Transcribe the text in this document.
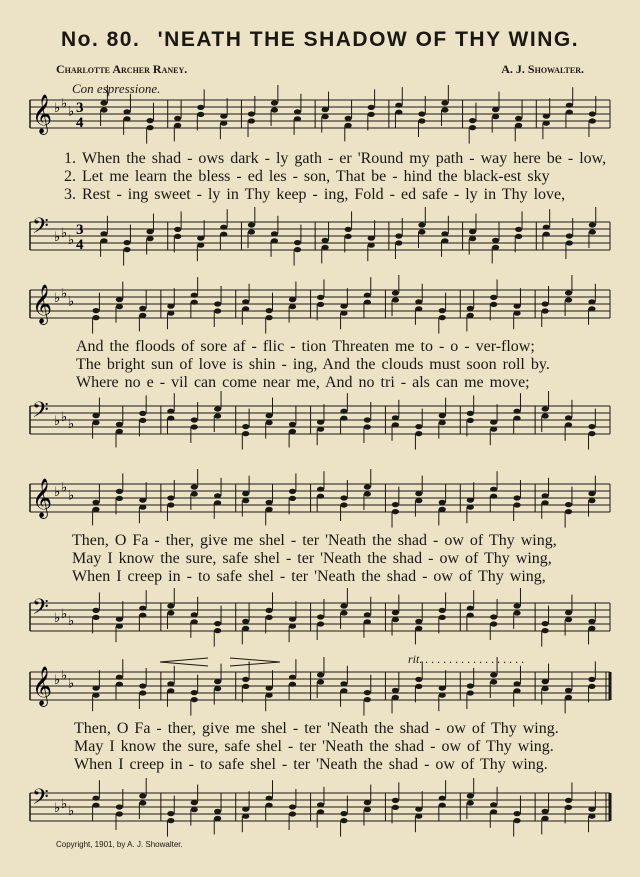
No. 80. 'NEATH THE SHADOW OF THY WING.
Charlotte Archer Raney.	A. J. Showalter.
Con espressione.
𝄞 ♭ ♭
♭ 3
4
1. When the shad - ows dark - ly gath - er 'Round my path - way here be - low,
2. Let me learn the bless - ed les - son, That be - hind the black-est sky
3. Rest - ing sweet - ly in Thy keep - ing, Fold - ed safe - ly in Thy love,
𝄢 ♭ ♭ ♭
3
4
𝄞 ♭ ♭
♭
And the floods of sore af - flic - tion Threaten me to - o - ver-flow;
The bright sun of love is shin - ing, And the clouds must soon roll by.
Where no e - vil can come near me, And no tri - als can me move;
𝄢 ♭ ♭ ♭
𝄞 ♭ ♭
♭
Then, O Fa - ther, give me shel - ter 'Neath the shad - ow of Thy wing,
May I know the sure, safe shel - ter 'Neath the shad - ow of Thy wing,
When I creep in - to safe shel - ter 'Neath the shad - ow of Thy wing,
𝄢 ♭ ♭ ♭
rit. . . . . . . . . . . . . . . . . .
𝄞 ♭ ♭
♭
Then, O Fa - ther, give me shel - ter 'Neath the shad - ow of Thy wing.
May I know the sure, safe shel - ter 'Neath the shad - ow of Thy wing.
When I creep in - to safe shel - ter 'Neath the shad - ow of Thy wing.
𝄢 ♭ ♭ ♭
Copyright, 1901, by A. J. Showalter.
